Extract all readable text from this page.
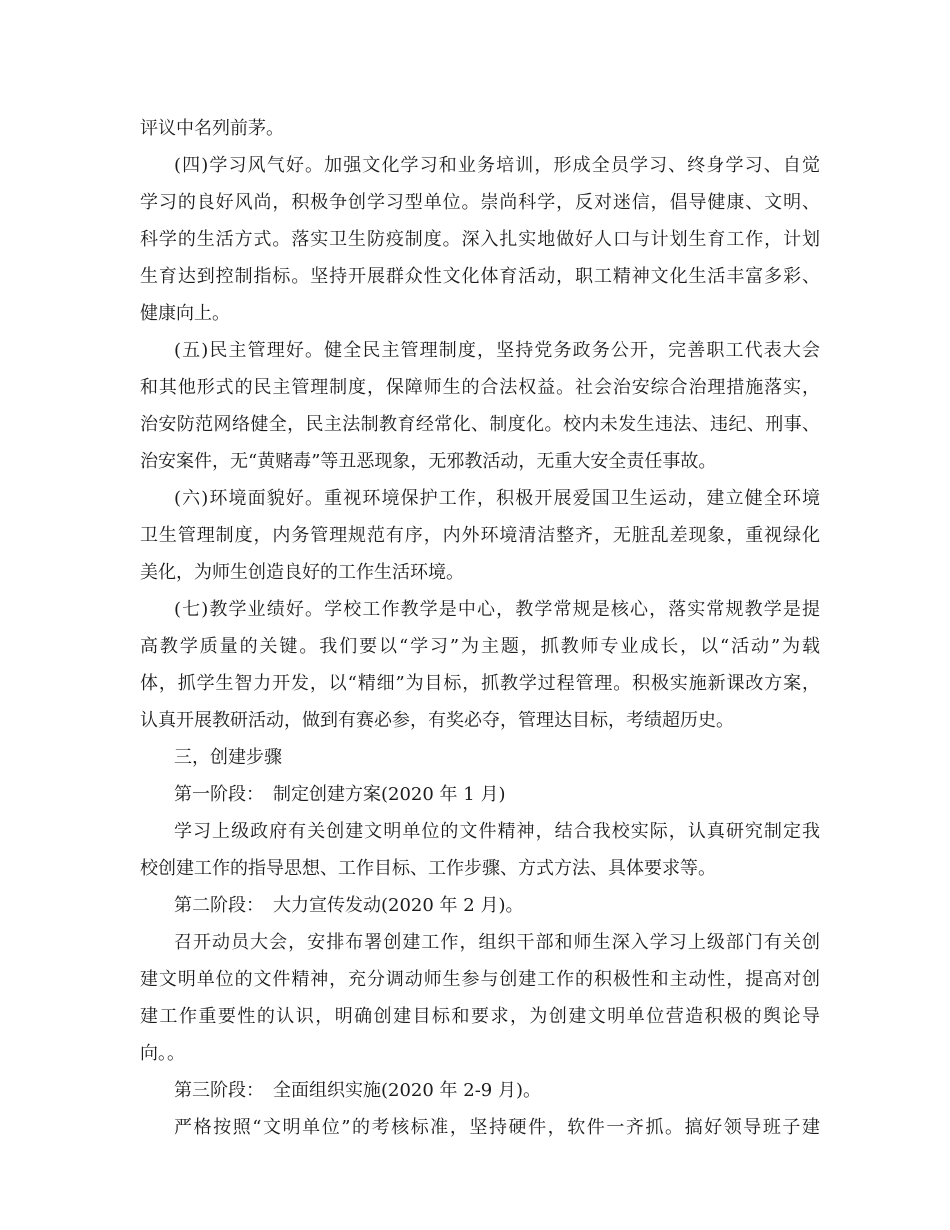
评议中名列前茅。
(四)学习风气好。加强文化学习和业务培训，形成全员学习、终身学习、自觉
学习的良好风尚，积极争创学习型单位。崇尚科学，反对迷信，倡导健康、文明、
科学的生活方式。落实卫生防疫制度。深入扎实地做好人口与计划生育工作，计划
生育达到控制指标。坚持开展群众性文化体育活动，职工精神文化生活丰富多彩、
健康向上。
(五)民主管理好。健全民主管理制度，坚持党务政务公开，完善职工代表大会
和其他形式的民主管理制度，保障师生的合法权益。社会治安综合治理措施落实，
治安防范网络健全，民主法制教育经常化、制度化。校内未发生违法、违纪、刑事、
治安案件，无“黄赌毒”等丑恶现象，无邪教活动，无重大安全责任事故。
(六)环境面貌好。重视环境保护工作，积极开展爱国卫生运动，建立健全环境
卫生管理制度，内务管理规范有序，内外环境清洁整齐，无脏乱差现象，重视绿化
美化，为师生创造良好的工作生活环境。
(七)教学业绩好。学校工作教学是中心，教学常规是核心，落实常规教学是提
高教学质量的关键。我们要以“学习”为主题，抓教师专业成长，以“活动”为载
体，抓学生智力开发，以“精细”为目标，抓教学过程管理。积极实施新课改方案，
认真开展教研活动，做到有赛必参，有奖必夺，管理达目标，考绩超历史。
三，创建步骤
第一阶段：　制定创建方案(2020 年 1 月)
学习上级政府有关创建文明单位的文件精神，结合我校实际，认真研究制定我
校创建工作的指导思想、工作目标、工作步骤、方式方法、具体要求等。
第二阶段：　大力宣传发动(2020 年 2 月)。
召开动员大会，安排布署创建工作，组织干部和师生深入学习上级部门有关创
建文明单位的文件精神，充分调动师生参与创建工作的积极性和主动性，提高对创
建工作重要性的认识，明确创建目标和要求，为创建文明单位营造积极的舆论导
向。。
第三阶段：　全面组织实施(2020 年 2-9 月)。
严格按照“文明单位”的考核标准，坚持硬件，软件一齐抓。搞好领导班子建
